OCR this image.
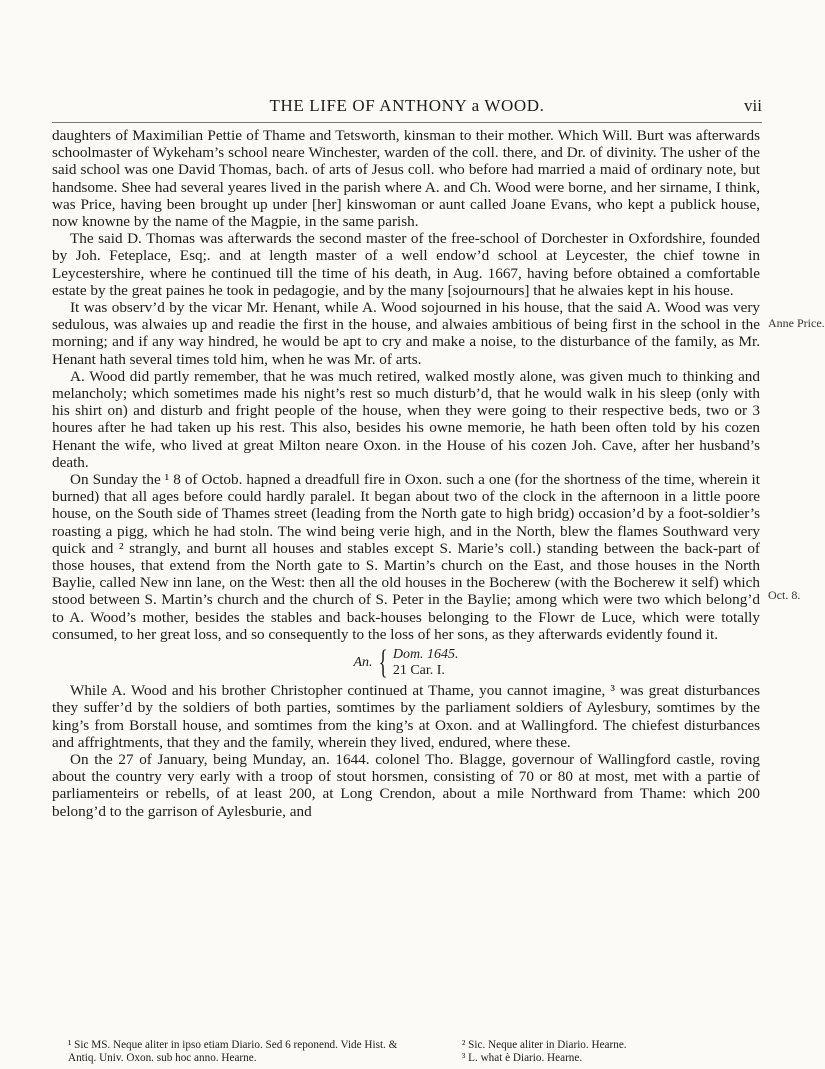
THE LIFE OF ANTHONY a WOOD.	vii

daughters of Maximilian Pettie of Thame and Tetsworth, kinsman to their mother. Which Will. Burt was afterwards schoolmaster of Wykeham’s school neare Winchester, warden of the coll. there, and Dr. of divinity. The usher of the said school was one David Thomas, bach. of arts of Jesus coll. who before had married a maid of ordinary note, but handsome. Shee had several yeares lived in the parish where A. and Ch. Wood were borne, and her sirname, I think, was Price, having been brought up under [her] kinswoman or aunt called Joane Evans, who kept a publick house, now knowne by the name of the Magpie, in the same parish.

The said D. Thomas was afterwards the second master of the free-school of Dorchester in Oxfordshire, founded by Joh. Feteplace, Esq;. and at length master of a well endow’d school at Leycester, the chief towne in Leycestershire, where he continued till the time of his death, in Aug. 1667, having before obtained a comfortable estate by the great paines he took in pedagogie, and by the many [sojournours] that he alwaies kept in his house.

It was observ’d by the vicar Mr. Henant, while A. Wood sojourned in his house, that the said A. Wood was very sedulous, was alwaies up and readie the first in the house, and alwaies ambitious of being first in the school in the morning; and if any way hindred, he would be apt to cry and make a noise, to the disturbance of the family, as Mr. Henant hath several times told him, when he was Mr. of arts.

A. Wood did partly remember, that he was much retired, walked mostly alone, was given much to thinking and melancholy; which sometimes made his night’s rest so much disturb’d, that he would walk in his sleep (only with his shirt on) and disturb and fright people of the house, when they were going to their respective beds, two or 3 houres after he had taken up his rest. This also, besides his owne memorie, he hath been often told by his cozen Henant the wife, who lived at great Milton neare Oxon. in the House of his cozen Joh. Cave, after her husband’s death.

On Sunday the ¹ 8 of Octob. hapned a dreadfull fire in Oxon. such a one (for the shortness of the time, wherein it burned) that all ages before could hardly paralel. It began about two of the clock in the afternoon in a little poore house, on the South side of Thames street (leading from the North gate to high bridg) occasion’d by a foot-soldier’s roasting a pigg, which he had stoln. The wind being verie high, and in the North, blew the flames Southward very quick and ² strangly, and burnt all houses and stables except S. Marie’s coll.) standing between the back-part of those houses, that extend from the North gate to S. Martin’s church on the East, and those houses in the North Baylie, called New inn lane, on the West: then all the old houses in the Bocherew (with the Bocherew it self) which stood between S. Martin’s church and the church of S. Peter in the Baylie; among which were two which belong’d to A. Wood’s mother, besides the stables and back-houses belonging to the Flowr de Luce, which were totally consumed, to her great loss, and so consequently to the loss of her sons, as they afterwards evidently found it.

An. { Dom. 1645.
21 Car. I.

While A. Wood and his brother Christopher continued at Thame, you cannot imagine, ³ was great disturbances they suffer’d by the soldiers of both parties, somtimes by the parliament soldiers of Aylesbury, somtimes by the king’s from Borstall house, and somtimes from the king’s at Oxon. and at Wallingford. The chiefest disturbances and affrightments, that they and the family, wherein they lived, endured, where these.

On the 27 of January, being Munday, an. 1644. colonel Tho. Blagge, governour of Wallingford castle, roving about the country very early with a troop of stout horsmen, consisting of 70 or 80 at most, met with a partie of parliamenteirs or rebells, of at least 200, at Long Crendon, about a mile Northward from Thame: which 200 belong’d to the garrison of Aylesburie, and

Anne Price.
Oct. 8.
¹ Sic MS. Neque aliter in ipso etiam Diario. Sed 6 reponend. Vide Hist. & Antiq. Univ. Oxon. sub hoc anno. Hearne.
² Sic. Neque aliter in Diario. Hearne.
³ L. what è Diario. Hearne.
